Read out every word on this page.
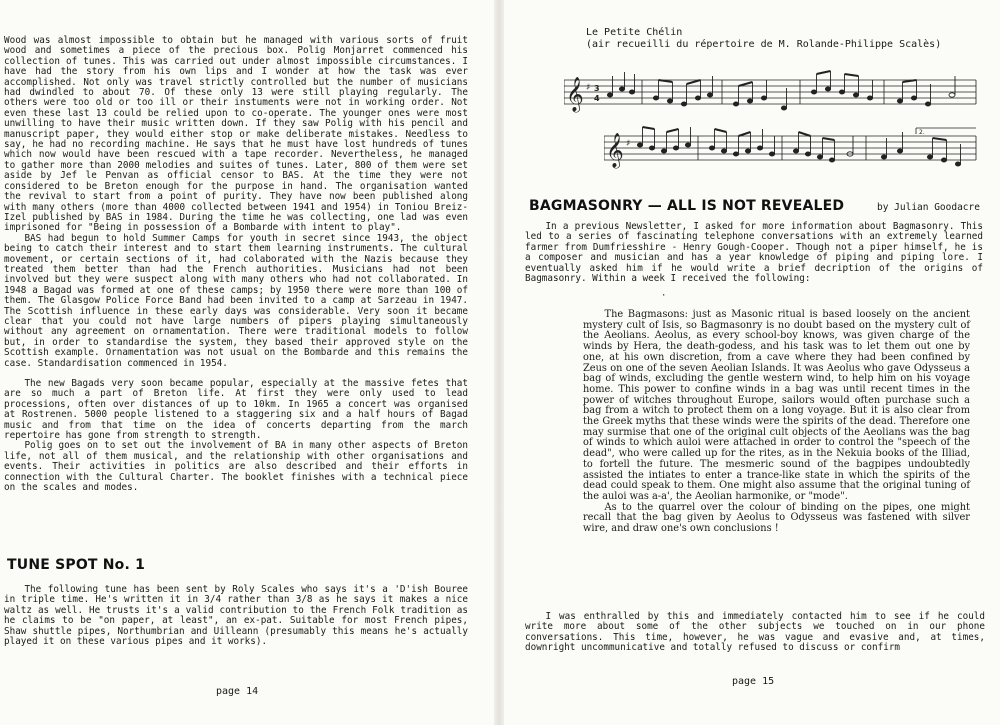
Wood was almost impossible to obtain but he managed with various sorts of fruit wood and sometimes a piece of the precious box. Polig Monjarret commenced his collection of tunes. This was carried out under almost impossible circumstances. I have had the story from his own lips and I wonder at how the task was ever accomplished. Not only was travel strictly controlled but the number of musicians had dwindled to about 70. Of these only 13 were still playing regularly. The others were too old or too ill or their instuments were not in working order. Not even these last 13 could be relied upon to co-operate. The younger ones were most unwilling to have their music written down. If they saw Polig with his pencil and manuscript paper, they would either stop or make deliberate mistakes. Needless to say, he had no recording machine. He says that he must have lost hundreds of tunes which now would have been rescued with a tape recorder. Nevertheless, he managed to gather more than 2000 melodies and suites of tunes. Later, 800 of them were set aside by Jef le Penvan as official censor to BAS. At the time they were not considered to be Breton enough for the purpose in hand. The organisation wanted the revival to start from a point of purity. They have now been published along with many others (more than 4000 collected between 1941 and 1954) in Toniou Breiz-Izel published by BAS in 1984. During the time he was collecting, one lad was even imprisoned for "Being in possession of a Bombarde with intent to play".

BAS had begun to hold Summer Camps for youth in secret since 1943, the object being to catch their interest and to start them learning instruments. The cultural movement, or certain sections of it, had colaborated with the Nazis because they treated them better than had the French authorities. Musicians had not been involved but they were suspect along with many others who had not collaborated. In 1948 a Bagad was formed at one of these camps; by 1950 there were more than 100 of them. The Glasgow Police Force Band had been invited to a camp at Sarzeau in 1947. The Scottish influence in these early days was considerable. Very soon it became clear that you could not have large numbers of pipers playing simultaneously without any agreement on ornamentation. There were traditional models to follow but, in order to standardise the system, they based their approved style on the Scottish example. Ornamentation was not usual on the Bombarde and this remains the case. Standardisation commenced in 1954.

The new Bagads very soon became popular, especially at the massive fetes that are so much a part of Breton life. At first they were only used to lead processions, often over distances of up to 10km. In 1965 a concert was organised at Rostrenen. 5000 people listened to a staggering six and a half hours of Bagad music and from that time on the idea of concerts departing from the march repertoire has gone from strength to strength.

Polig goes on to set out the involvement of BA in many other aspects of Breton life, not all of them musical, and the relationship with other organisations and events. Their activities in politics are also described and their efforts in connection with the Cultural Charter. The booklet finishes with a technical piece on the scales and modes.

TUNE SPOT No. 1

The following tune has been sent by Roly Scales who says it's a 'D'ish Bouree in triple time. He's written it in 3/4 rather than 3/8 as he says it makes a nice waltz as well. He trusts it's a valid contribution to the French Folk tradition as he claims to be "on paper, at least", an ex-pat. Suitable for most French pipes, Shaw shuttle pipes, Northumbrian and Uilleann (presumably this means he's actually played it on these various pipes and it works).

page 14
Le Petite Chélin
(air recueilli du répertoire de M. Rolande-Philippe Scalès)
𝄞 ♯ 3
4
𝄞 ♯
2.
BAGMASONRY — ALL IS NOT REVEALED	by Julian Goodacre

In a previous Newsletter, I asked for more information about Bagmasonry. This led to a series of fascinating telephone conversations with an extremely learned farmer from Dumfriesshire - Henry Gough-Cooper. Though not a piper himself, he is a composer and musician and has a year knowledge of piping and piping lore. I eventually asked him if he would write a brief decription of the origins of Bagmasonry. Within a week I received the following:

·

I was enthralled by this and immediately contacted him to see if he could write more about some of the other subjects we touched on in our phone conversations. This time, however, he was vague and evasive and, at times, downright uncommunicative and totally refused to discuss or confirm

page 15

The Bagmasons: just as Masonic ritual is based loosely on the ancient mystery cult of Isis, so Bagmasonry is no doubt based on the mystery cult of the Aeolians. Aeolus, as every school-boy knows, was given charge of the winds by Hera, the death-godess, and his task was to let them out one by one, at his own discretion, from a cave where they had been confined by Zeus on one of the seven Aeolian Islands. It was Aeolus who gave Odysseus a bag of winds, excluding the gentle western wind, to help him on his voyage home. This power to confine winds in a bag was until recent times in the power of witches throughout Europe, sailors would often purchase such a bag from a witch to protect them on a long voyage. But it is also clear from the Greek myths that these winds were the spirits of the dead. Therefore one may surmise that one of the original cult objects of the Aeolians was the bag of winds to which auloi were attached in order to control the "speech of the dead", who were called up for the rites, as in the Nekuia books of the Illiad, to fortell the future. The mesmeric sound of the bagpipes undoubtedly assisted the intiates to enter a trance-like state in which the spirits of the dead could speak to them. One might also assume that the original tuning of the auloi was a-a', the Aeolian harmonike, or "mode".

As to the quarrel over the colour of binding on the pipes, one might recall that the bag given by Aeolus to Odysseus was fastened with silver wire, and draw one's own conclusions !
